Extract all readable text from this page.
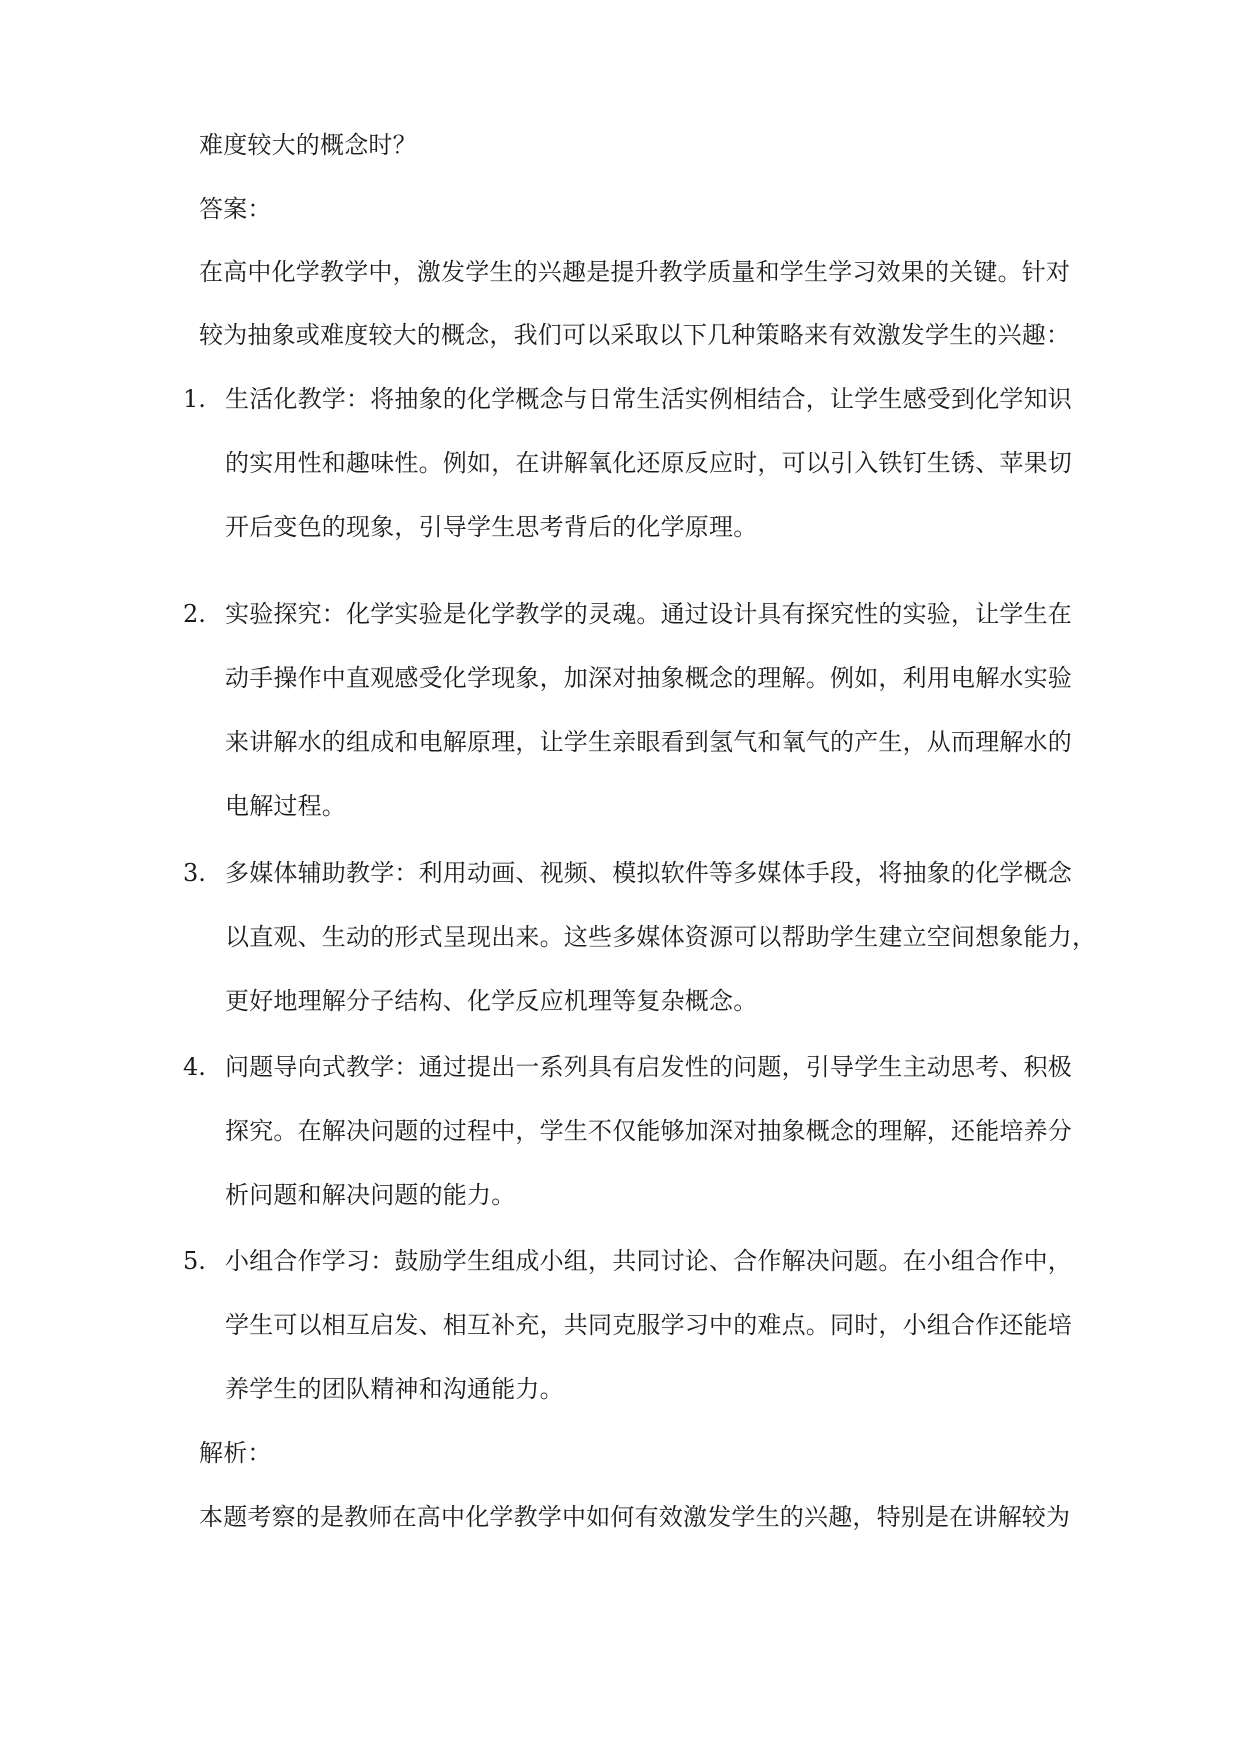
难度较大的概念时？
答案：
在高中化学教学中，激发学生的兴趣是提升教学质量和学生学习效果的关键。针对
较为抽象或难度较大的概念，我们可以采取以下几种策略来有效激发学生的兴趣：
1. 生活化教学：将抽象的化学概念与日常生活实例相结合，让学生感受到化学知识
的实用性和趣味性。例如，在讲解氧化还原反应时，可以引入铁钉生锈、苹果切
开后变色的现象，引导学生思考背后的化学原理。
2. 实验探究：化学实验是化学教学的灵魂。通过设计具有探究性的实验，让学生在
动手操作中直观感受化学现象，加深对抽象概念的理解。例如，利用电解水实验
来讲解水的组成和电解原理，让学生亲眼看到氢气和氧气的产生，从而理解水的
电解过程。
3. 多媒体辅助教学：利用动画、视频、模拟软件等多媒体手段，将抽象的化学概念
以直观、生动的形式呈现出来。这些多媒体资源可以帮助学生建立空间想象能力，
更好地理解分子结构、化学反应机理等复杂概念。
4. 问题导向式教学：通过提出一系列具有启发性的问题，引导学生主动思考、积极
探究。在解决问题的过程中，学生不仅能够加深对抽象概念的理解，还能培养分
析问题和解决问题的能力。
5. 小组合作学习：鼓励学生组成小组，共同讨论、合作解决问题。在小组合作中，
学生可以相互启发、相互补充，共同克服学习中的难点。同时，小组合作还能培
养学生的团队精神和沟通能力。
解析：
本题考察的是教师在高中化学教学中如何有效激发学生的兴趣，特别是在讲解较为
